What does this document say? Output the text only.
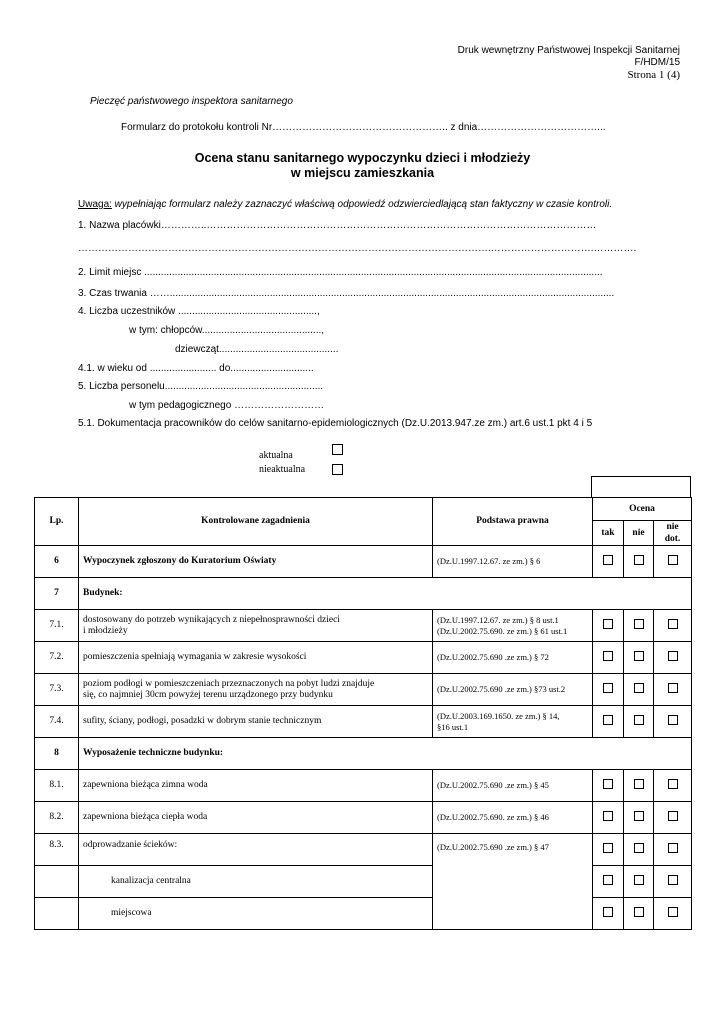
Druk wewnętrzny Państwowej Inspekcji Sanitarnej
F/HDM/15
Strona 1 (4)
Pieczęć państwowego inspektora sanitarnego
Formularz do protokołu kontroli Nr…………………………………………….. z dnia………………………………...
Ocena stanu sanitarnego wypoczynku dzieci i młodzieży
w miejscu zamieszkania
Uwaga: wypełniając formularz należy zaznaczyć właściwą odpowiedź odzwierciedlającą stan faktyczny w czasie kontroli.
1. Nazwa placówki…………..………………………………………………………………………………………………………
…………………………………………………………………………………………………………….………………………….………….
2. Limit miejsc .....................................................................................................................................................................
3. Czas trwania ……................................................................................................................................................................
4. Liczba uczestników ..................................................,
w tym: chłopców...........................................,
dziewcząt...........................................
4.1. w wieku od ........................ do..............................
5. Liczba personelu.........................................................
w tym pedagogicznego ………………………
5.1. Dokumentacja pracowników do celów sanitarno-epidemiologicznych (Dz.U.2013.947.ze zm.) art.6 ust.1 pkt 4 i 5
aktualna
nieaktualna
Lp.	Kontrolowane zagadnienia	Podstawa prawna	Ocena		
			tak	nie	nie
dot.
6	Wypoczynek zgłoszony do Kuratorium Oświaty	(Dz.U.1997.12.67. ze zm.) § 6			
7	Budynek:				
7.1.	dostosowany do potrzeb wynikających z niepełnosprawności dzieci
i młodzieży	(Dz.U.1997.12.67. ze zm.) § 8 ust.1
(Dz.U.2002.75.690. ze zm.) § 61 ust.1			
7.2.	pomieszczenia spełniają wymagania w zakresie wysokości	(Dz.U.2002.75.690 .ze zm.) § 72			
7.3.	poziom podłogi w pomieszczeniach przeznaczonych na pobyt ludzi znajduje
się, co najmniej 30cm powyżej terenu urządzonego przy budynku	(Dz.U.2002.75.690 .ze zm.) §73 ust.2			
7.4.	sufity, ściany, podłogi, posadzki w dobrym stanie technicznym	(Dz.U.2003.169.1650. ze zm.) § 14,
§16 ust.1			
8	Wyposażenie techniczne budynku:				
8.1.	zapewniona bieżąca zimna woda	(Dz.U.2002.75.690 .ze zm.) § 45			
8.2.	zapewniona bieżąca ciepła woda	(Dz.U.2002.75.690. ze zm.) § 46			
8.3.	odprowadzanie ścieków:	(Dz.U.2002.75.690 .ze zm.) § 47			
	kanalizacja centralna				
	miejscowa				
